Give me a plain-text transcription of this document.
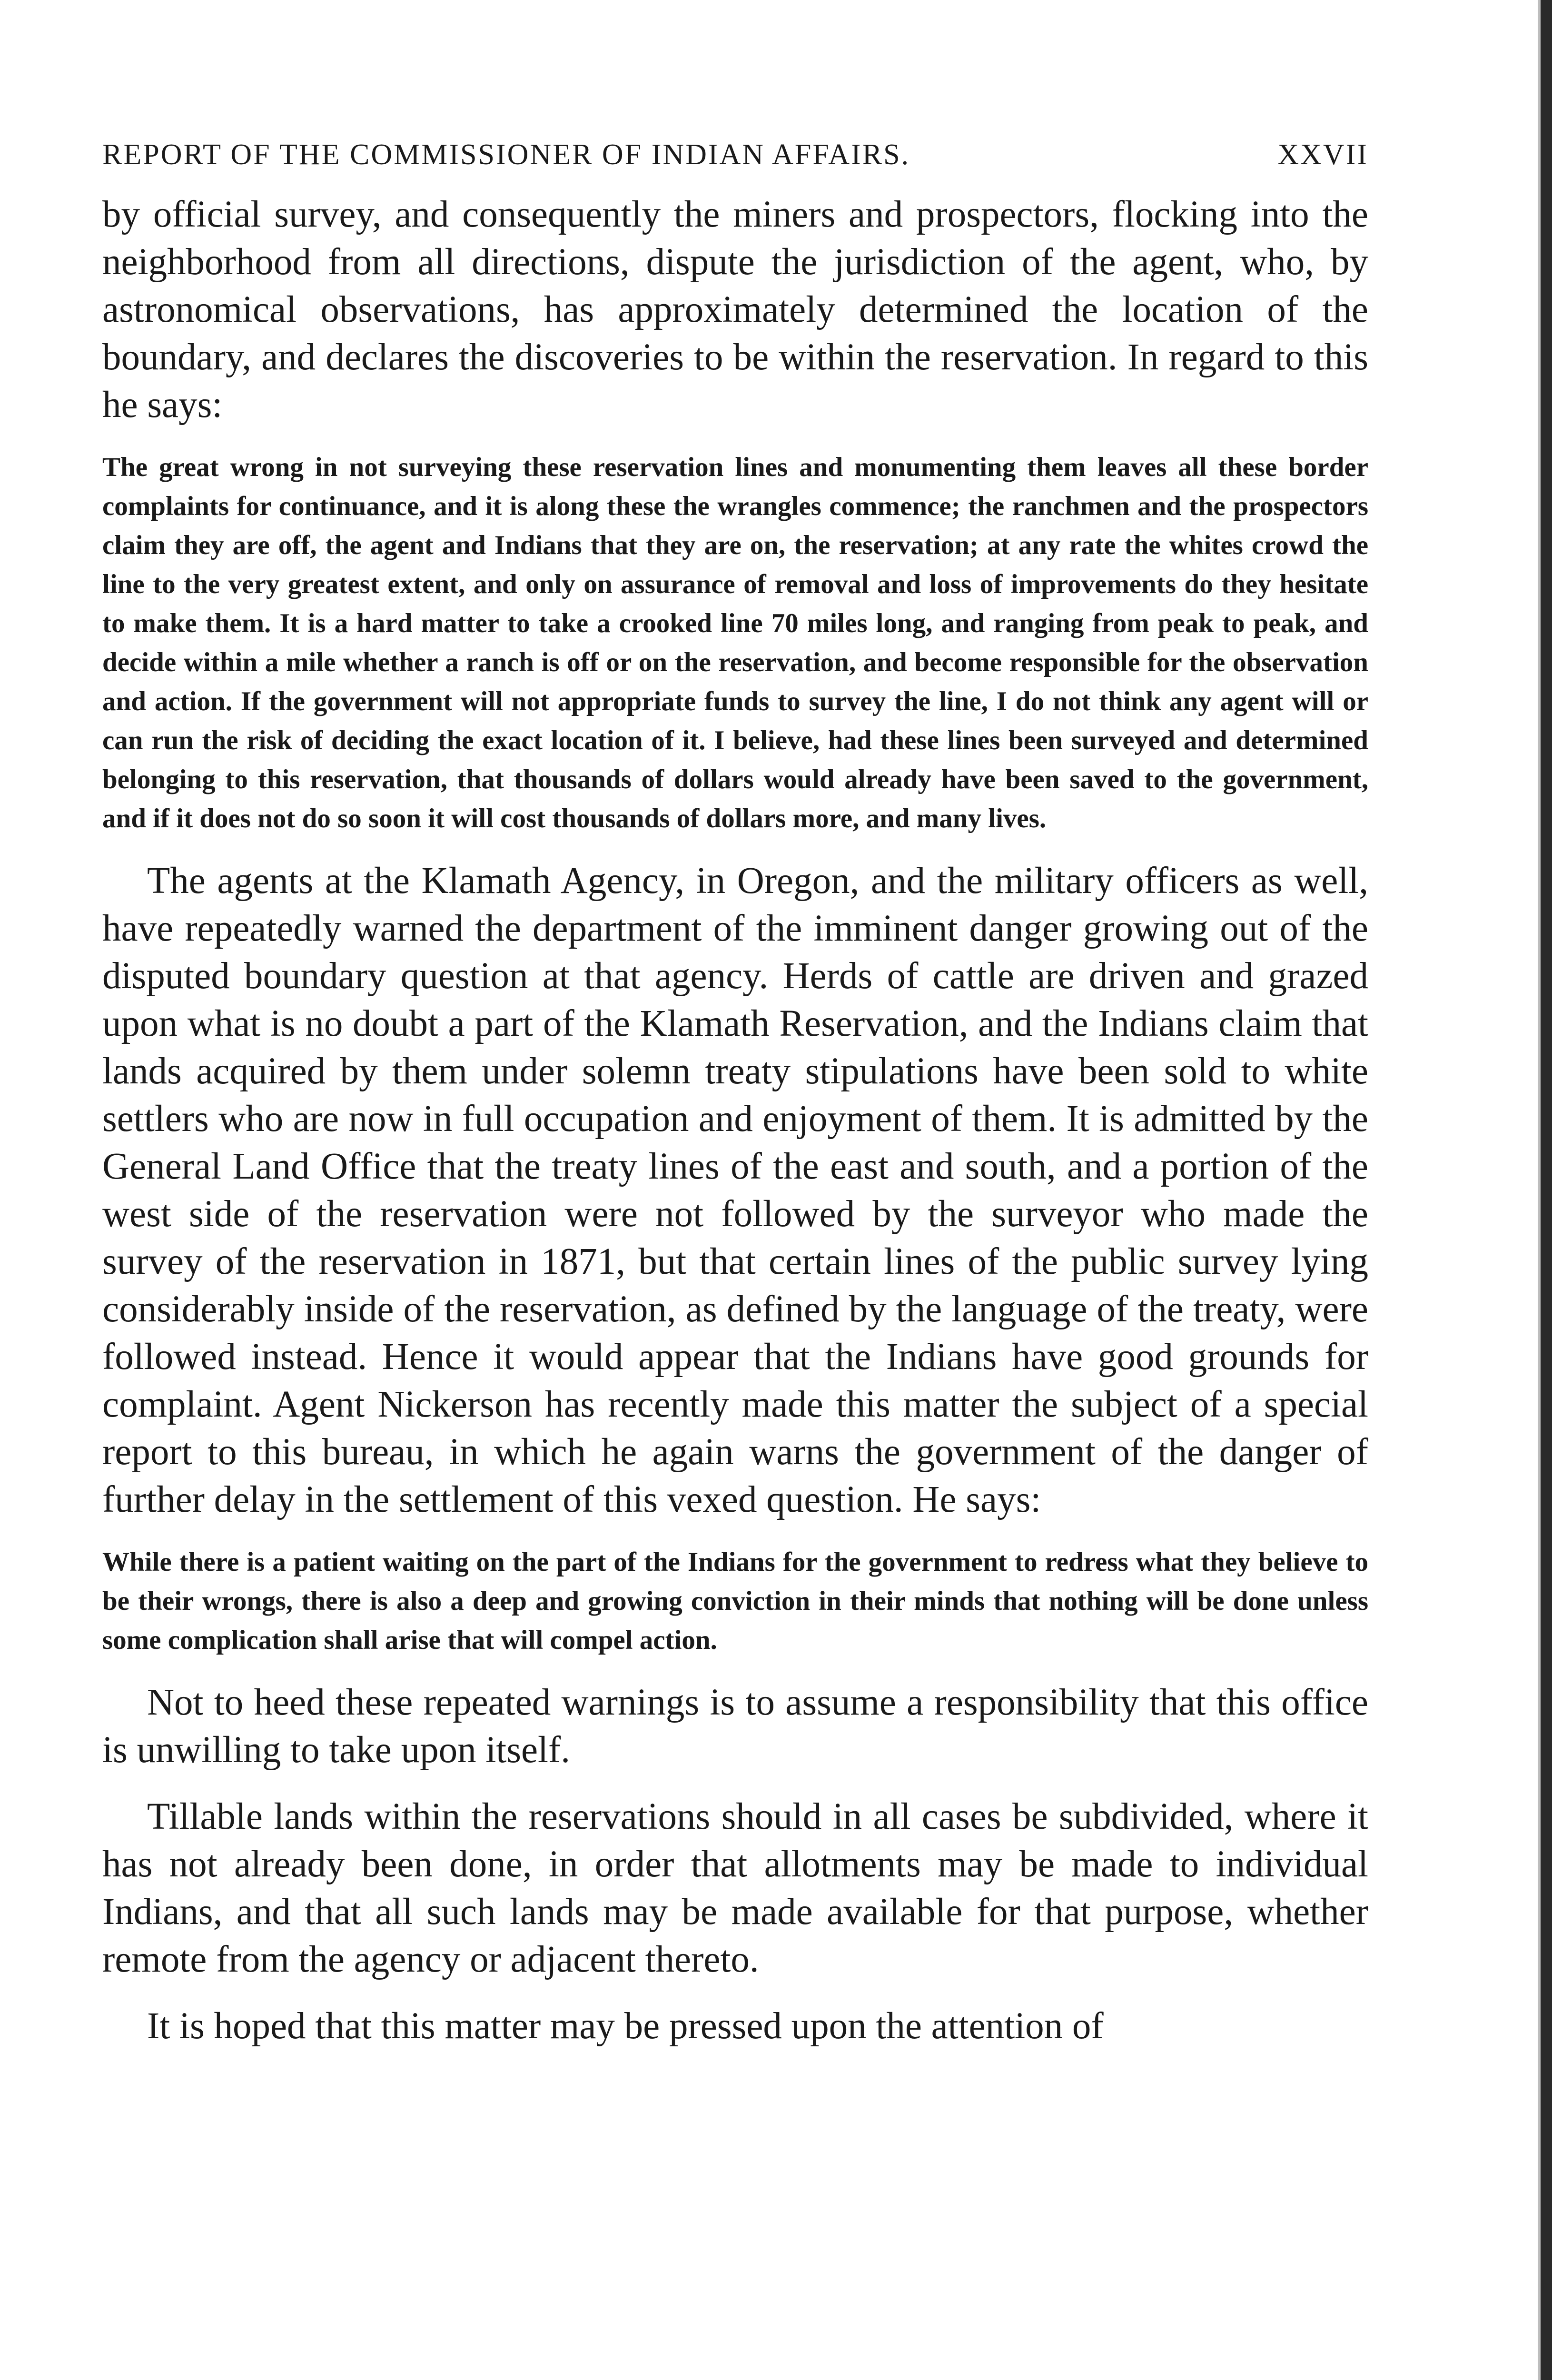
REPORT OF THE COMMISSIONER OF INDIAN AFFAIRS.	XXVII

by official survey, and consequently the miners and prospectors, flocking into the neighborhood from all directions, dispute the jurisdiction of the agent, who, by astronomical observations, has approximately determined the location of the boundary, and declares the discoveries to be within the reservation. In regard to this he says:

The great wrong in not surveying these reservation lines and monumenting them leaves all these border complaints for continuance, and it is along these the wrangles commence; the ranchmen and the prospectors claim they are off, the agent and Indians that they are on, the reservation; at any rate the whites crowd the line to the very greatest extent, and only on assurance of removal and loss of improvements do they hesitate to make them. It is a hard matter to take a crooked line 70 miles long, and ranging from peak to peak, and decide within a mile whether a ranch is off or on the reservation, and become responsible for the observation and action. If the government will not appropriate funds to survey the line, I do not think any agent will or can run the risk of deciding the exact location of it. I believe, had these lines been surveyed and determined belonging to this reservation, that thousands of dollars would already have been saved to the government, and if it does not do so soon it will cost thousands of dollars more, and many lives.

The agents at the Klamath Agency, in Oregon, and the military officers as well, have repeatedly warned the department of the imminent danger growing out of the disputed boundary question at that agency. Herds of cattle are driven and grazed upon what is no doubt a part of the Klamath Reservation, and the Indians claim that lands acquired by them under solemn treaty stipulations have been sold to white settlers who are now in full occupation and enjoyment of them. It is admitted by the General Land Office that the treaty lines of the east and south, and a portion of the west side of the reservation were not followed by the surveyor who made the survey of the reservation in 1871, but that certain lines of the public survey lying considerably inside of the reservation, as defined by the language of the treaty, were followed instead. Hence it would appear that the Indians have good grounds for complaint. Agent Nickerson has recently made this matter the subject of a special report to this bureau, in which he again warns the government of the danger of further delay in the settlement of this vexed question. He says:

While there is a patient waiting on the part of the Indians for the government to redress what they believe to be their wrongs, there is also a deep and growing conviction in their minds that nothing will be done unless some complication shall arise that will compel action.

Not to heed these repeated warnings is to assume a responsibility that this office is unwilling to take upon itself.

Tillable lands within the reservations should in all cases be subdivided, where it has not already been done, in order that allotments may be made to individual Indians, and that all such lands may be made available for that purpose, whether remote from the agency or adjacent thereto.

It is hoped that this matter may be pressed upon the attention of
